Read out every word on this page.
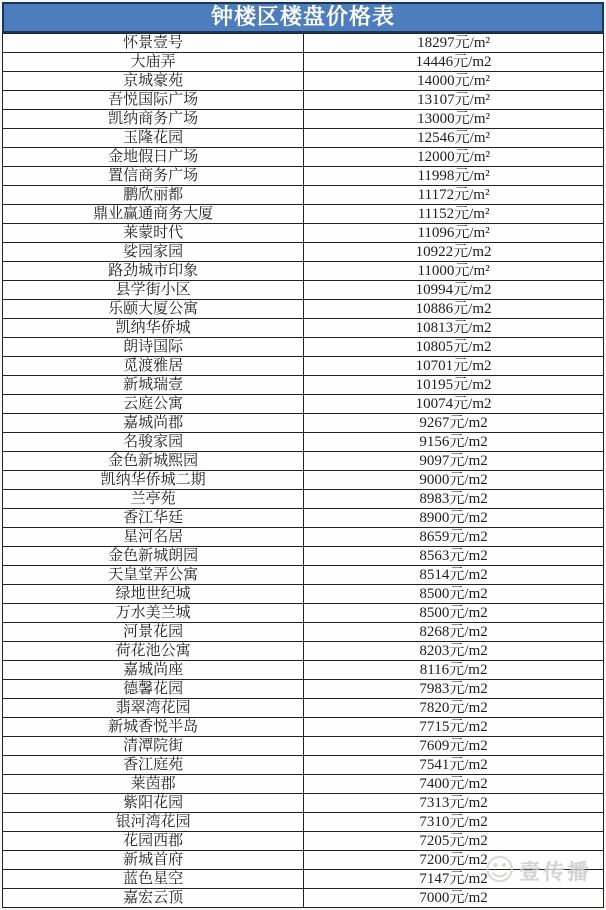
钟楼区楼盘价格表
怀景壹号	18297元/m²
大庙弄	14446元/m2
京城豪苑	14000元/m²
吾悦国际广场	13107元/m²
凯纳商务广场	13000元/m²
玉隆花园	12546元/m²
金地假日广场	12000元/m²
置信商务广场	11998元/m²
鹏欣丽都	11172元/m²
鼎业赢通商务大厦	11152元/m²
莱蒙时代	11096元/m²
娑园家园	10922元/m2
路劲城市印象	11000元/m²
县学街小区	10994元/m2
乐颐大厦公寓	10886元/m2
凯纳华侨城	10813元/m2
朗诗国际	10805元/m2
觅渡雅居	10701元/m2
新城瑞壹	10195元/m2
云庭公寓	10074元/m2
嘉城尚郡	9267元/m2
名骏家园	9156元/m2
金色新城熙园	9097元/m2
凯纳华侨城二期	9000元/m2
兰亭苑	8983元/m2
香江华廷	8900元/m2
星河名居	8659元/m2
金色新城朗园	8563元/m2
天皇堂弄公寓	8514元/m2
绿地世纪城	8500元/m2
万水美兰城	8500元/m2
河景花园	8268元/m2
荷花池公寓	8203元/m2
嘉城尚座	8116元/m2
德馨花园	7983元/m2
翡翠湾花园	7820元/m2
新城香悦半岛	7715元/m2
清潭院街	7609元/m2
香江庭苑	7541元/m2
莱茵郡	7400元/m2
紫阳花园	7313元/m2
银河湾花园	7310元/m2
花园西郡	7205元/m2
新城首府	7200元/m2
蓝色星空	7147元/m2
嘉宏云顶	7000元/m2
☺ 壹传播
